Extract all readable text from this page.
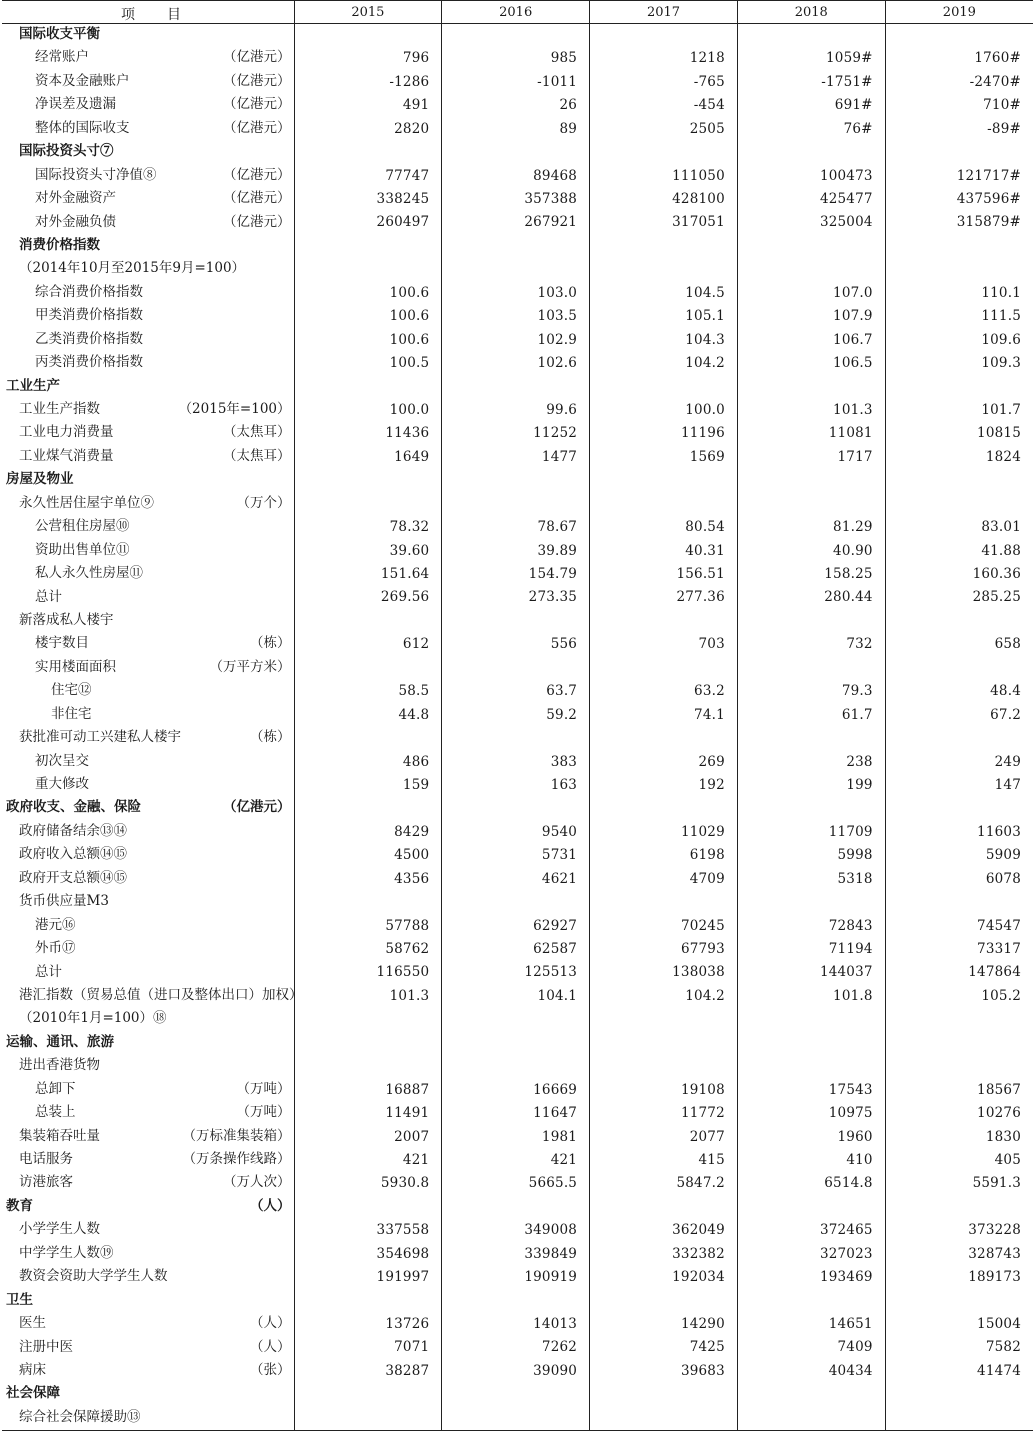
项 目	2015	2016	2017	2018	2019

国际收支平衡					

经常账户 （亿港元）	796	985	1218	1059#	1760#

资本及金融账户 （亿港元）	-1286	-1011	-765	-1751#	-2470#

净误差及遗漏 （亿港元）	491	26	-454	691#	710#

整体的国际收支 （亿港元）	2820	89	2505	76#	-89#

国际投资头寸⑦					

国际投资头寸净值⑧ （亿港元）	77747	89468	111050	100473	121717#

对外金融资产 （亿港元）	338245	357388	428100	425477	437596#

对外金融负债 （亿港元）	260497	267921	317051	325004	315879#

消费价格指数					

（2014年10月至2015年9月=100）					

综合消费价格指数	100.6	103.0	104.5	107.0	110.1

甲类消费价格指数	100.6	103.5	105.1	107.9	111.5

乙类消费价格指数	100.6	102.9	104.3	106.7	109.6

丙类消费价格指数	100.5	102.6	104.2	106.5	109.3

工业生产					

工业生产指数 （2015年=100）	100.0	99.6	100.0	101.3	101.7

工业电力消费量 （太焦耳）	11436	11252	11196	11081	10815

工业煤气消费量 （太焦耳）	1649	1477	1569	1717	1824

房屋及物业					

永久性居住屋宇单位⑨ （万个）					

公营租住房屋⑩	78.32	78.67	80.54	81.29	83.01

资助出售单位⑪	39.60	39.89	40.31	40.90	41.88

私人永久性房屋⑪	151.64	154.79	156.51	158.25	160.36

总计	269.56	273.35	277.36	280.44	285.25

新落成私人楼宇					

楼宇数目 （栋）	612	556	703	732	658

实用楼面面积 （万平方米）					

住宅⑫	58.5	63.7	63.2	79.3	48.4

非住宅	44.8	59.2	74.1	61.7	67.2

获批准可动工兴建私人楼宇 （栋）					

初次呈交	486	383	269	238	249

重大修改	159	163	192	199	147

政府收支、金融、保险 （亿港元）					

政府储备结余⑬⑭	8429	9540	11029	11709	11603

政府收入总额⑭⑮	4500	5731	6198	5998	5909

政府开支总额⑭⑮	4356	4621	4709	5318	6078

货币供应量M3					

港元⑯	57788	62927	70245	72843	74547

外币⑰	58762	62587	67793	71194	73317

总计	116550	125513	138038	144037	147864

港汇指数（贸易总值（进口及整体出口）加权）	101.3	104.1	104.2	101.8	105.2

（2010年1月=100）⑱					

运输、通讯、旅游					

进出香港货物					

总卸下 （万吨）	16887	16669	19108	17543	18567

总装上 （万吨）	11491	11647	11772	10975	10276

集装箱吞吐量 （万标准集装箱）	2007	1981	2077	1960	1830

电话服务 （万条操作线路）	421	421	415	410	405

访港旅客 （万人次）	5930.8	5665.5	5847.2	6514.8	5591.3

教育 （人）					

小学学生人数	337558	349008	362049	372465	373228

中学学生人数⑲	354698	339849	332382	327023	328743

教资会资助大学学生人数	191997	190919	192034	193469	189173

卫生					

医生 （人）	13726	14013	14290	14651	15004

注册中医 （人）	7071	7262	7425	7409	7582

病床 （张）	38287	39090	39683	40434	41474

社会保障					

综合社会保障援助⑬					
